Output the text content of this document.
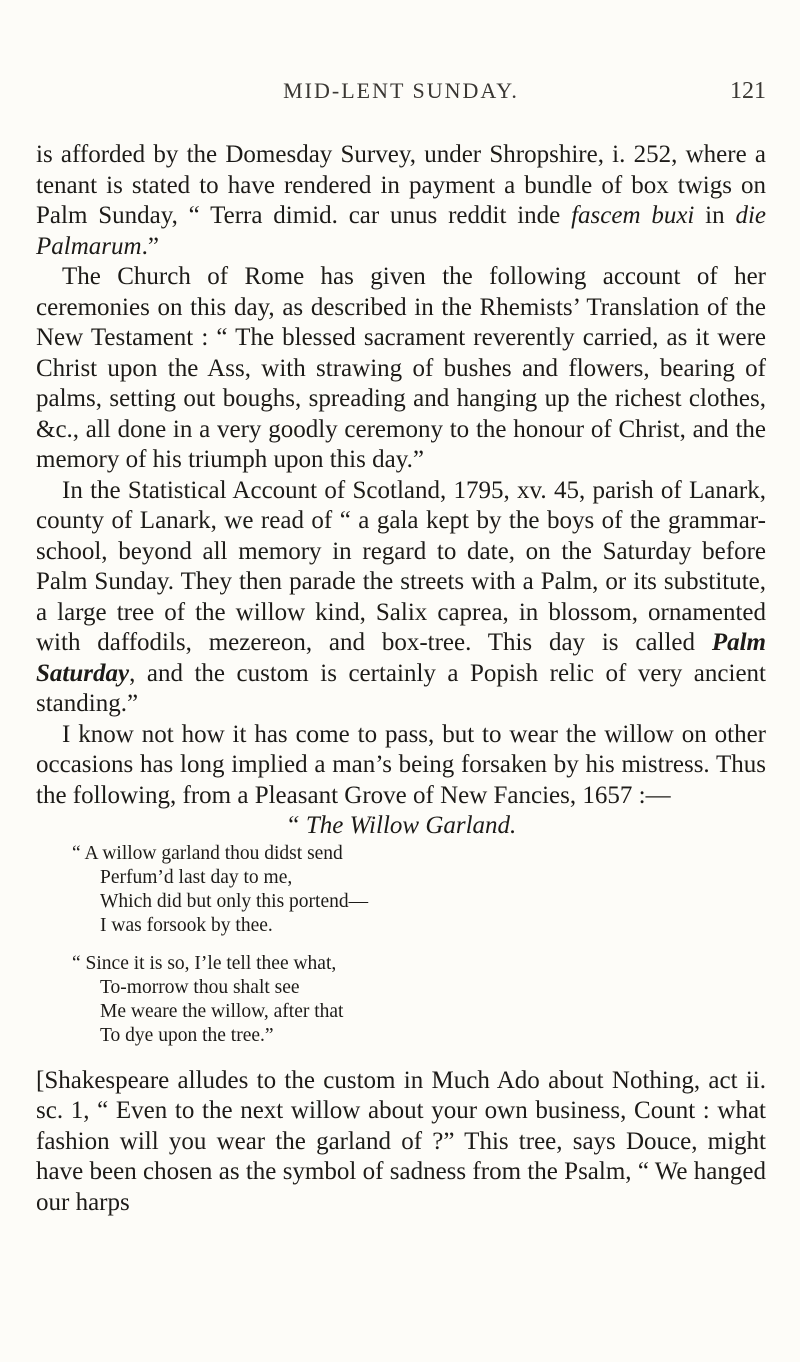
MID-LENT SUNDAY.	121

is afforded by the Domesday Survey, under Shropshire, i. 252, where a tenant is stated to have rendered in payment a bundle of box twigs on Palm Sunday, “ Terra dimid. car unus reddit inde fascem buxi in die Palmarum.”

The Church of Rome has given the following account of her ceremonies on this day, as described in the Rhemists’ Translation of the New Testament : “ The blessed sacrament reverently carried, as it were Christ upon the Ass, with strawing of bushes and flowers, bearing of palms, setting out boughs, spreading and hanging up the richest clothes, &c., all done in a very goodly ceremony to the honour of Christ, and the memory of his triumph upon this day.”

In the Statistical Account of Scotland, 1795, xv. 45, parish of Lanark, county of Lanark, we read of “ a gala kept by the boys of the grammar-school, beyond all memory in regard to date, on the Saturday before Palm Sunday. They then parade the streets with a Palm, or its substitute, a large tree of the willow kind, Salix caprea, in blossom, ornamented with daffodils, mezereon, and box-tree. This day is called Palm Saturday, and the custom is certainly a Popish relic of very ancient standing.”

I know not how it has come to pass, but to wear the willow on other occasions has long implied a man’s being forsaken by his mistress. Thus the following, from a Pleasant Grove of New Fancies, 1657 :—

“ The Willow Garland.

“ A willow garland thou didst send
Perfum’d last day to me,
Which did but only this portend—
I was forsook by thee.
“ Since it is so, I’le tell thee what,
To-morrow thou shalt see
Me weare the willow, after that
To dye upon the tree.”

[Shakespeare alludes to the custom in Much Ado about Nothing, act ii. sc. 1, “ Even to the next willow about your own business, Count : what fashion will you wear the garland of ?” This tree, says Douce, might have been chosen as the symbol of sadness from the Psalm, “ We hanged our harps
